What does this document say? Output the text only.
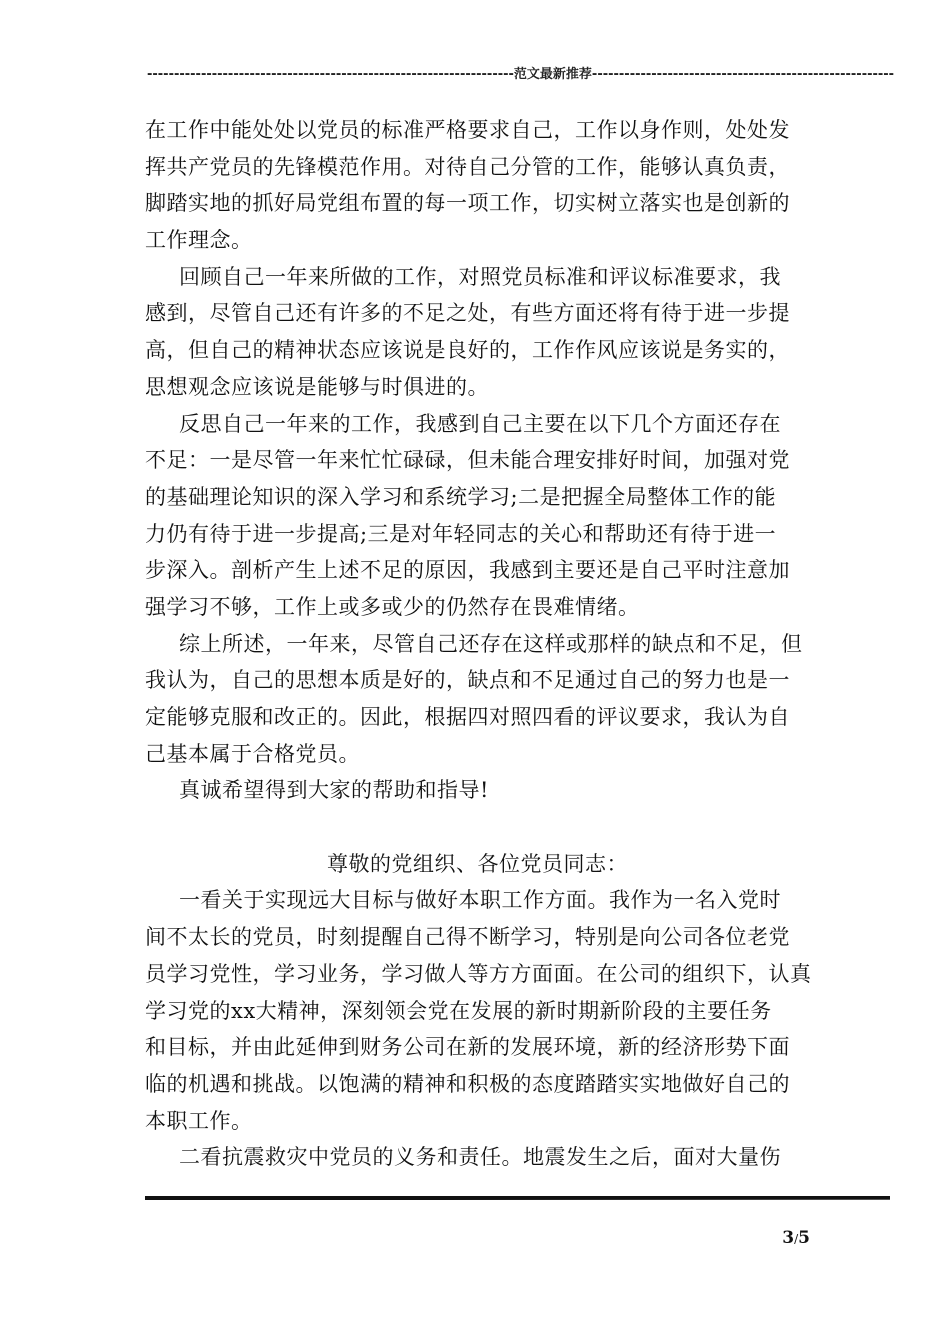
--------------------------------------------------------------------范文最新推荐--------------------------------------------------------
在工作中能处处以党员的标准严格要求自己，工作以身作则，处处发
挥共产党员的先锋模范作用。对待自己分管的工作，能够认真负责，
脚踏实地的抓好局党组布置的每一项工作，切实树立落实也是创新的
工作理念。
回顾自己一年来所做的工作，对照党员标准和评议标准要求，我
感到，尽管自己还有许多的不足之处，有些方面还将有待于进一步提
高，但自己的精神状态应该说是良好的，工作作风应该说是务实的，
思想观念应该说是能够与时俱进的。
反思自己一年来的工作，我感到自己主要在以下几个方面还存在
不足：一是尽管一年来忙忙碌碌，但未能合理安排好时间，加强对党
的基础理论知识的深入学习和系统学习;二是把握全局整体工作的能
力仍有待于进一步提高;三是对年轻同志的关心和帮助还有待于进一
步深入。剖析产生上述不足的原因，我感到主要还是自己平时注意加
强学习不够，工作上或多或少的仍然存在畏难情绪。
综上所述，一年来，尽管自己还存在这样或那样的缺点和不足，但
我认为，自己的思想本质是好的，缺点和不足通过自己的努力也是一
定能够克服和改正的。因此，根据四对照四看的评议要求，我认为自
己基本属于合格党员。
真诚希望得到大家的帮助和指导!
尊敬的党组织、各位党员同志：
一看关于实现远大目标与做好本职工作方面。我作为一名入党时
间不太长的党员，时刻提醒自己得不断学习，特别是向公司各位老党
员学习党性，学习业务，学习做人等方方面面。在公司的组织下，认真
学习党的xx大精神，深刻领会党在发展的新时期新阶段的主要任务
和目标，并由此延伸到财务公司在新的发展环境，新的经济形势下面
临的机遇和挑战。以饱满的精神和积极的态度踏踏实实地做好自己的
本职工作。
二看抗震救灾中党员的义务和责任。地震发生之后，面对大量伤
3/5
